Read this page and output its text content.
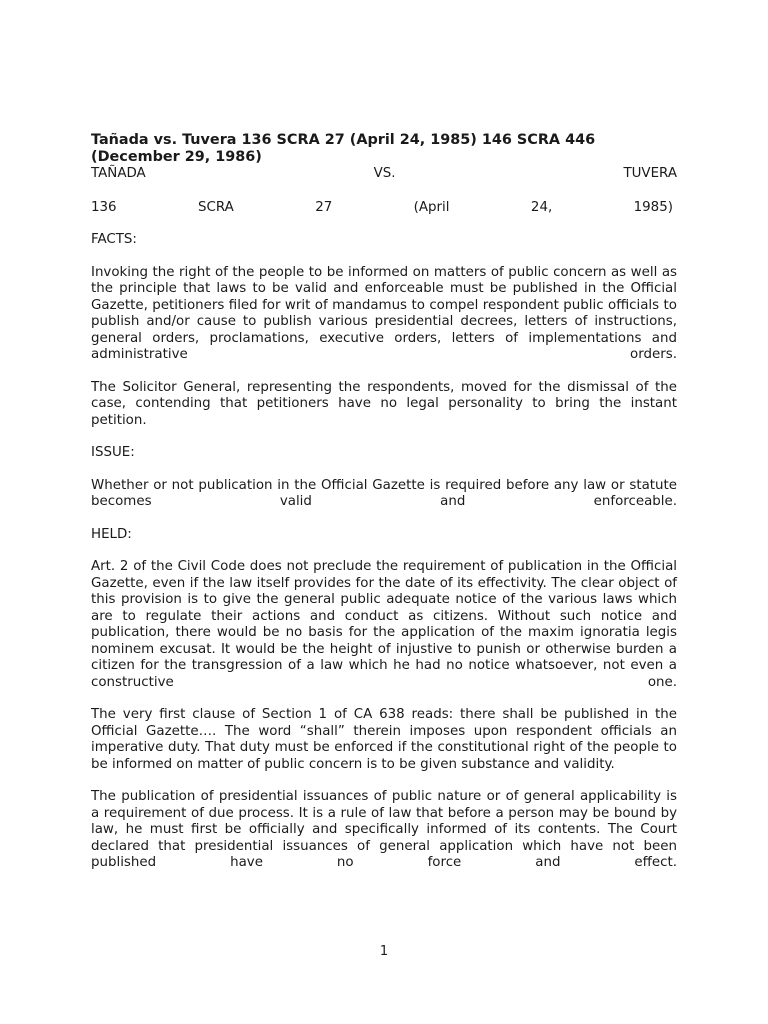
Tañada vs. Tuvera 136 SCRA 27 (April 24, 1985) 146 SCRA 446 (December 29, 1986)

TAÑADA	VS.	TUVERA
136	SCRA	27	(April	24,	1985)

FACTS:

Invoking the right of the people to be informed on matters of public concern as well as the principle that laws to be valid and enforceable must be published in the Official Gazette, petitioners filed for writ of mandamus to compel respondent public officials to publish and/or cause to publish various presidential decrees, letters of instructions, general orders, proclamations, executive orders, letters of implementations and administrative orders.

The Solicitor General, representing the respondents, moved for the dismissal of the case, contending that petitioners have no legal personality to bring the instant petition.

ISSUE:

Whether or not publication in the Official Gazette is required before any law or statute becomes valid and enforceable.

HELD:

Art. 2 of the Civil Code does not preclude the requirement of publication in the Official Gazette, even if the law itself provides for the date of its effectivity. The clear object of this provision is to give the general public adequate notice of the various laws which are to regulate their actions and conduct as citizens. Without such notice and publication, there would be no basis for the application of the maxim ignoratia legis nominem excusat. It would be the height of injustive to punish or otherwise burden a citizen for the transgression of a law which he had no notice whatsoever, not even a constructive one.

The very first clause of Section 1 of CA 638 reads: there shall be published in the Official Gazette…. The word “shall” therein imposes upon respondent officials an imperative duty. That duty must be enforced if the constitutional right of the people to be informed on matter of public concern is to be given substance and validity.

The publication of presidential issuances of public nature or of general applicability is a requirement of due process. It is a rule of law that before a person may be bound by law, he must first be officially and specifically informed of its contents. The Court declared that presidential issuances of general application which have not been published have no force and effect.

1
